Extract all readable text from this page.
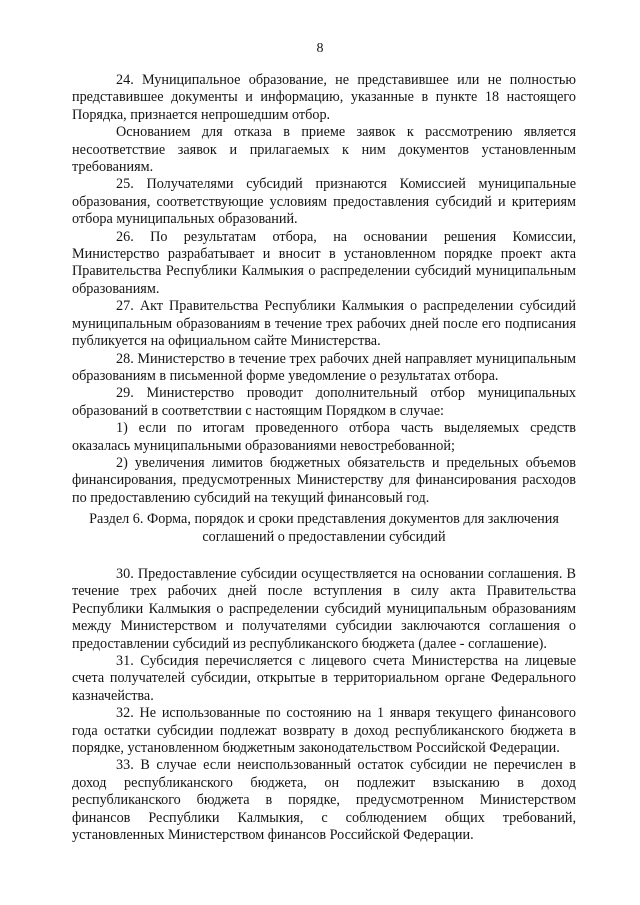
8

24. Муниципальное образование, не представившее или не полностью представившее документы и информацию, указанные в пункте 18 настоящего Порядка, признается непрошедшим отбор.

Основанием для отказа в приеме заявок к рассмотрению является несоответствие заявок и прилагаемых к ним документов установленным требованиям.

25. Получателями субсидий признаются Комиссией муниципальные образования, соответствующие условиям предоставления субсидий и критериям отбора муниципальных образований.

26. По результатам отбора, на основании решения Комиссии, Министерство разрабатывает и вносит в установленном порядке проект акта Правительства Республики Калмыкия о распределении субсидий муниципальным образованиям.

27. Акт Правительства Республики Калмыкия о распределении субсидий муниципальным образованиям в течение трех рабочих дней после его подписания публикуется на официальном сайте Министерства.

28. Министерство в течение трех рабочих дней направляет муниципальным образованиям в письменной форме уведомление о результатах отбора.

29. Министерство проводит дополнительный отбор муниципальных образований в соответствии с настоящим Порядком в случае:

1) если по итогам проведенного отбора часть выделяемых средств оказалась муниципальными образованиями невостребованной;

2) увеличения лимитов бюджетных обязательств и предельных объемов финансирования, предусмотренных Министерству для финансирования расходов по предоставлению субсидий на текущий финансовый год.

Раздел 6. Форма, порядок и сроки представления документов для заключения соглашений о предоставлении субсидий

30. Предоставление субсидии осуществляется на основании соглашения. В течение трех рабочих дней после вступления в силу акта Правительства Республики Калмыкия о распределении субсидий муниципальным образованиям между Министерством и получателями субсидии заключаются соглашения о предоставлении субсидий из республиканского бюджета (далее - соглашение).

31. Субсидия перечисляется с лицевого счета Министерства на лицевые счета получателей субсидии, открытые в территориальном органе Федерального казначейства.

32. Не использованные по состоянию на 1 января текущего финансового года остатки субсидии подлежат возврату в доход республиканского бюджета в порядке, установленном бюджетным законодательством Российской Федерации.

33. В случае если неиспользованный остаток субсидии не перечислен в доход республиканского бюджета, он подлежит взысканию в доход республиканского бюджета в порядке, предусмотренном Министерством финансов Республики Калмыкия, с соблюдением общих требований, установленных Министерством финансов Российской Федерации.
